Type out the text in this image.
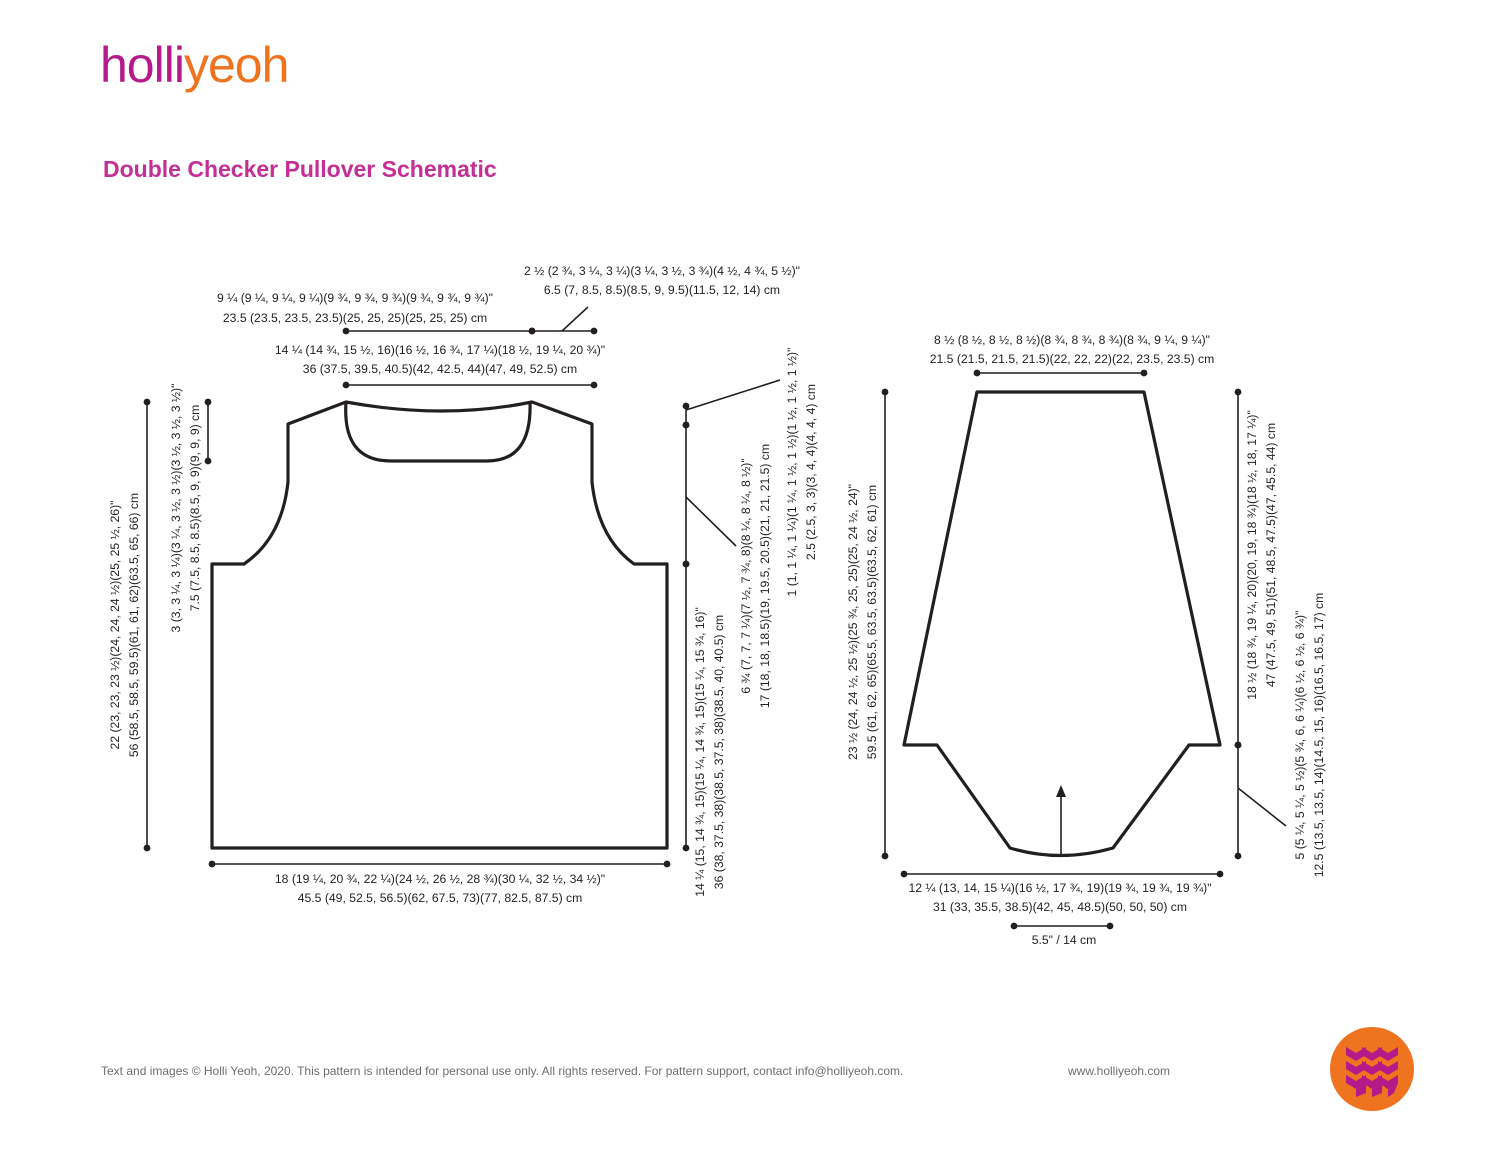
holliyeoh
Double Checker Pullover Schematic
2 ½ (2 ¾, 3 ¼, 3 ¼)(3 ¼, 3 ½, 3 ¾)(4 ½, 4 ¾, 5 ½)"
6.5 (7, 8.5, 8.5)(8.5, 9, 9.5)(11.5, 12, 14) cm
9 ¼ (9 ¼, 9 ¼, 9 ¼)(9 ¾, 9 ¾, 9 ¾)(9 ¾, 9 ¾, 9 ¾)"
23.5 (23.5, 23.5, 23.5)(25, 25, 25)(25, 25, 25) cm
14 ¼ (14 ¾, 15 ½, 16)(16 ½, 16 ¾, 17 ¼)(18 ½, 19 ¼, 20 ¾)"
36 (37.5, 39.5, 40.5)(42, 42.5, 44)(47, 49, 52.5) cm
18 (19 ¼, 20 ¾, 22 ¼)(24 ½, 26 ½, 28 ¾)(30 ¼, 32 ½, 34 ½)"
45.5 (49, 52.5, 56.5)(62, 67.5, 73)(77, 82.5, 87.5) cm
22 (23, 23, 23 ½)(24, 24, 24 ½)(25, 25 ½, 26)" 56 (58.5, 58.5, 59.5)(61, 61, 62)(63.5, 65, 66) cm 3 (3, 3 ¼, 3 ¼)(3 ¼, 3 ½, 3 ½)(3 ½, 3 ½, 3 ½)" 7.5 (7.5, 8.5, 8.5)(8.5, 9, 9)(9, 9, 9) cm
14 ¼ (15, 14 ¾, 15)(15 ¼, 14 ¾, 15)(15 ¼, 15 ¾, 16)" 36 (38, 37.5, 38)(38.5, 37.5, 38)(38.5, 40, 40.5) cm
6 ¾ (7, 7, 7 ¼)(7 ½, 7 ¾, 8)(8 ¼, 8 ¼, 8 ½)" 17 (18, 18, 18.5)(19, 19.5, 20.5)(21, 21, 21.5) cm 1 (1, 1 ¼, 1 ¼)(1 ¼, 1 ½, 1 ½)(1 ½, 1 ½, 1 ½)" 2.5 (2.5, 3, 3)(3, 4, 4)(4, 4, 4) cm
8 ½ (8 ½, 8 ½, 8 ½)(8 ¾, 8 ¾, 8 ¾)(8 ¾, 9 ¼, 9 ¼)"
21.5 (21.5, 21.5, 21.5)(22, 22, 22)(22, 23.5, 23.5) cm
12 ¼ (13, 14, 15 ¼)(16 ½, 17 ¾, 19)(19 ¾, 19 ¾, 19 ¾)"
31 (33, 35.5, 38.5)(42, 45, 48.5)(50, 50, 50) cm
5.5" / 14 cm
23 ½ (24, 24 ½, 25 ½)(25 ¾, 25, 25)(25, 24 ½, 24)" 59.5 (61, 62, 65)(65.5, 63.5, 63.5)(63.5, 62, 61) cm	18 ½ (18 ¾, 19 ¼, 20)(20, 19, 18 ¾)(18 ½, 18, 17 ¼)" 47 (47.5, 49, 51)(51, 48.5, 47.5)(47, 45.5, 44) cm
5 (5 ¼, 5 ¼, 5 ½)(5 ¾, 6, 6 ¼)(6 ½, 6 ½, 6 ¾)" 12.5 (13.5, 13.5, 14)(14.5, 15, 16)(16.5, 16.5, 17) cm
Text and images © Holli Yeoh, 2020. This pattern is intended for personal use only. All rights reserved. For pattern support, contact info@holliyeoh.com.	www.holliyeoh.com
